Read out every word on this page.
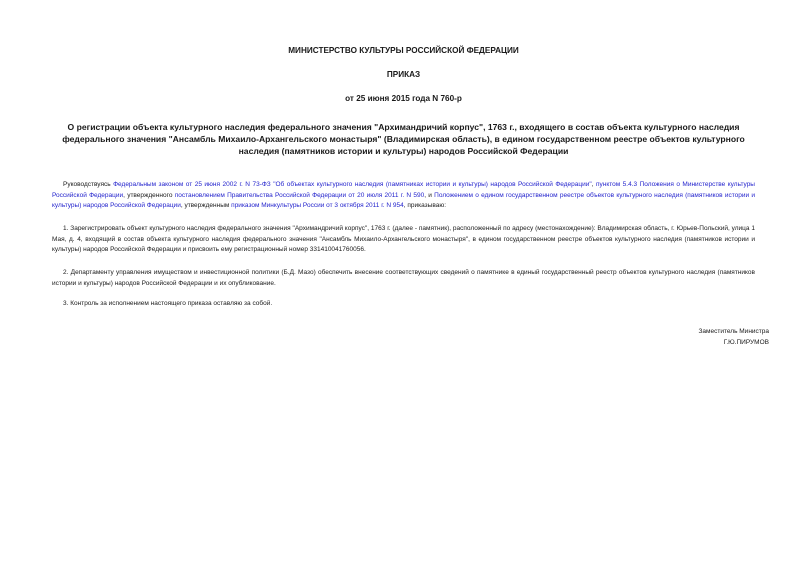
МИНИСТЕРСТВО КУЛЬТУРЫ РОССИЙСКОЙ ФЕДЕРАЦИИ
ПРИКАЗ
от 25 июня 2015 года N 760-р
О регистрации объекта культурного наследия федерального значения "Архимандричий корпус", 1763 г., входящего в состав объекта культурного наследия федерального значения "Ансамбль Михаило-Архангельского монастыря" (Владимирская область), в едином государственном реестре объектов культурного наследия (памятников истории и культуры) народов Российской Федерации
Руководствуясь Федеральным законом от 25 июня 2002 г. N 73-ФЗ "Об объектах культурного наследия (памятниках истории и культуры) народов Российской Федерации", пунктом 5.4.3 Положения о Министерстве культуры Российской Федерации, утвержденного постановлением Правительства Российской Федерации от 20 июля 2011 г. N 590, и Положением о едином государственном реестре объектов культурного наследия (памятников истории и культуры) народов Российской Федерации, утвержденным приказом Минкультуры России от 3 октября 2011 г. N 954, приказываю:
1. Зарегистрировать объект культурного наследия федерального значения "Архимандричий корпус", 1763 г. (далее - памятник), расположенный по адресу (местонахождение): Владимирская область, г. Юрьев-Польский, улица 1 Мая, д. 4, входящий в состав объекта культурного наследия федерального значения "Ансамбль Михаило-Архангельского монастыря", в едином государственном реестре объектов культурного наследия (памятников истории и культуры) народов Российской Федерации и присвоить ему регистрационный номер 331410041760056.
2. Департаменту управления имуществом и инвестиционной политики (Б.Д. Мазо) обеспечить внесение соответствующих сведений о памятнике в единый государственный реестр объектов культурного наследия (памятников истории и культуры) народов Российской Федерации и их опубликование.
3. Контроль за исполнением настоящего приказа оставляю за собой.
Заместитель Министра
Г.Ю.ПИРУМОВ
